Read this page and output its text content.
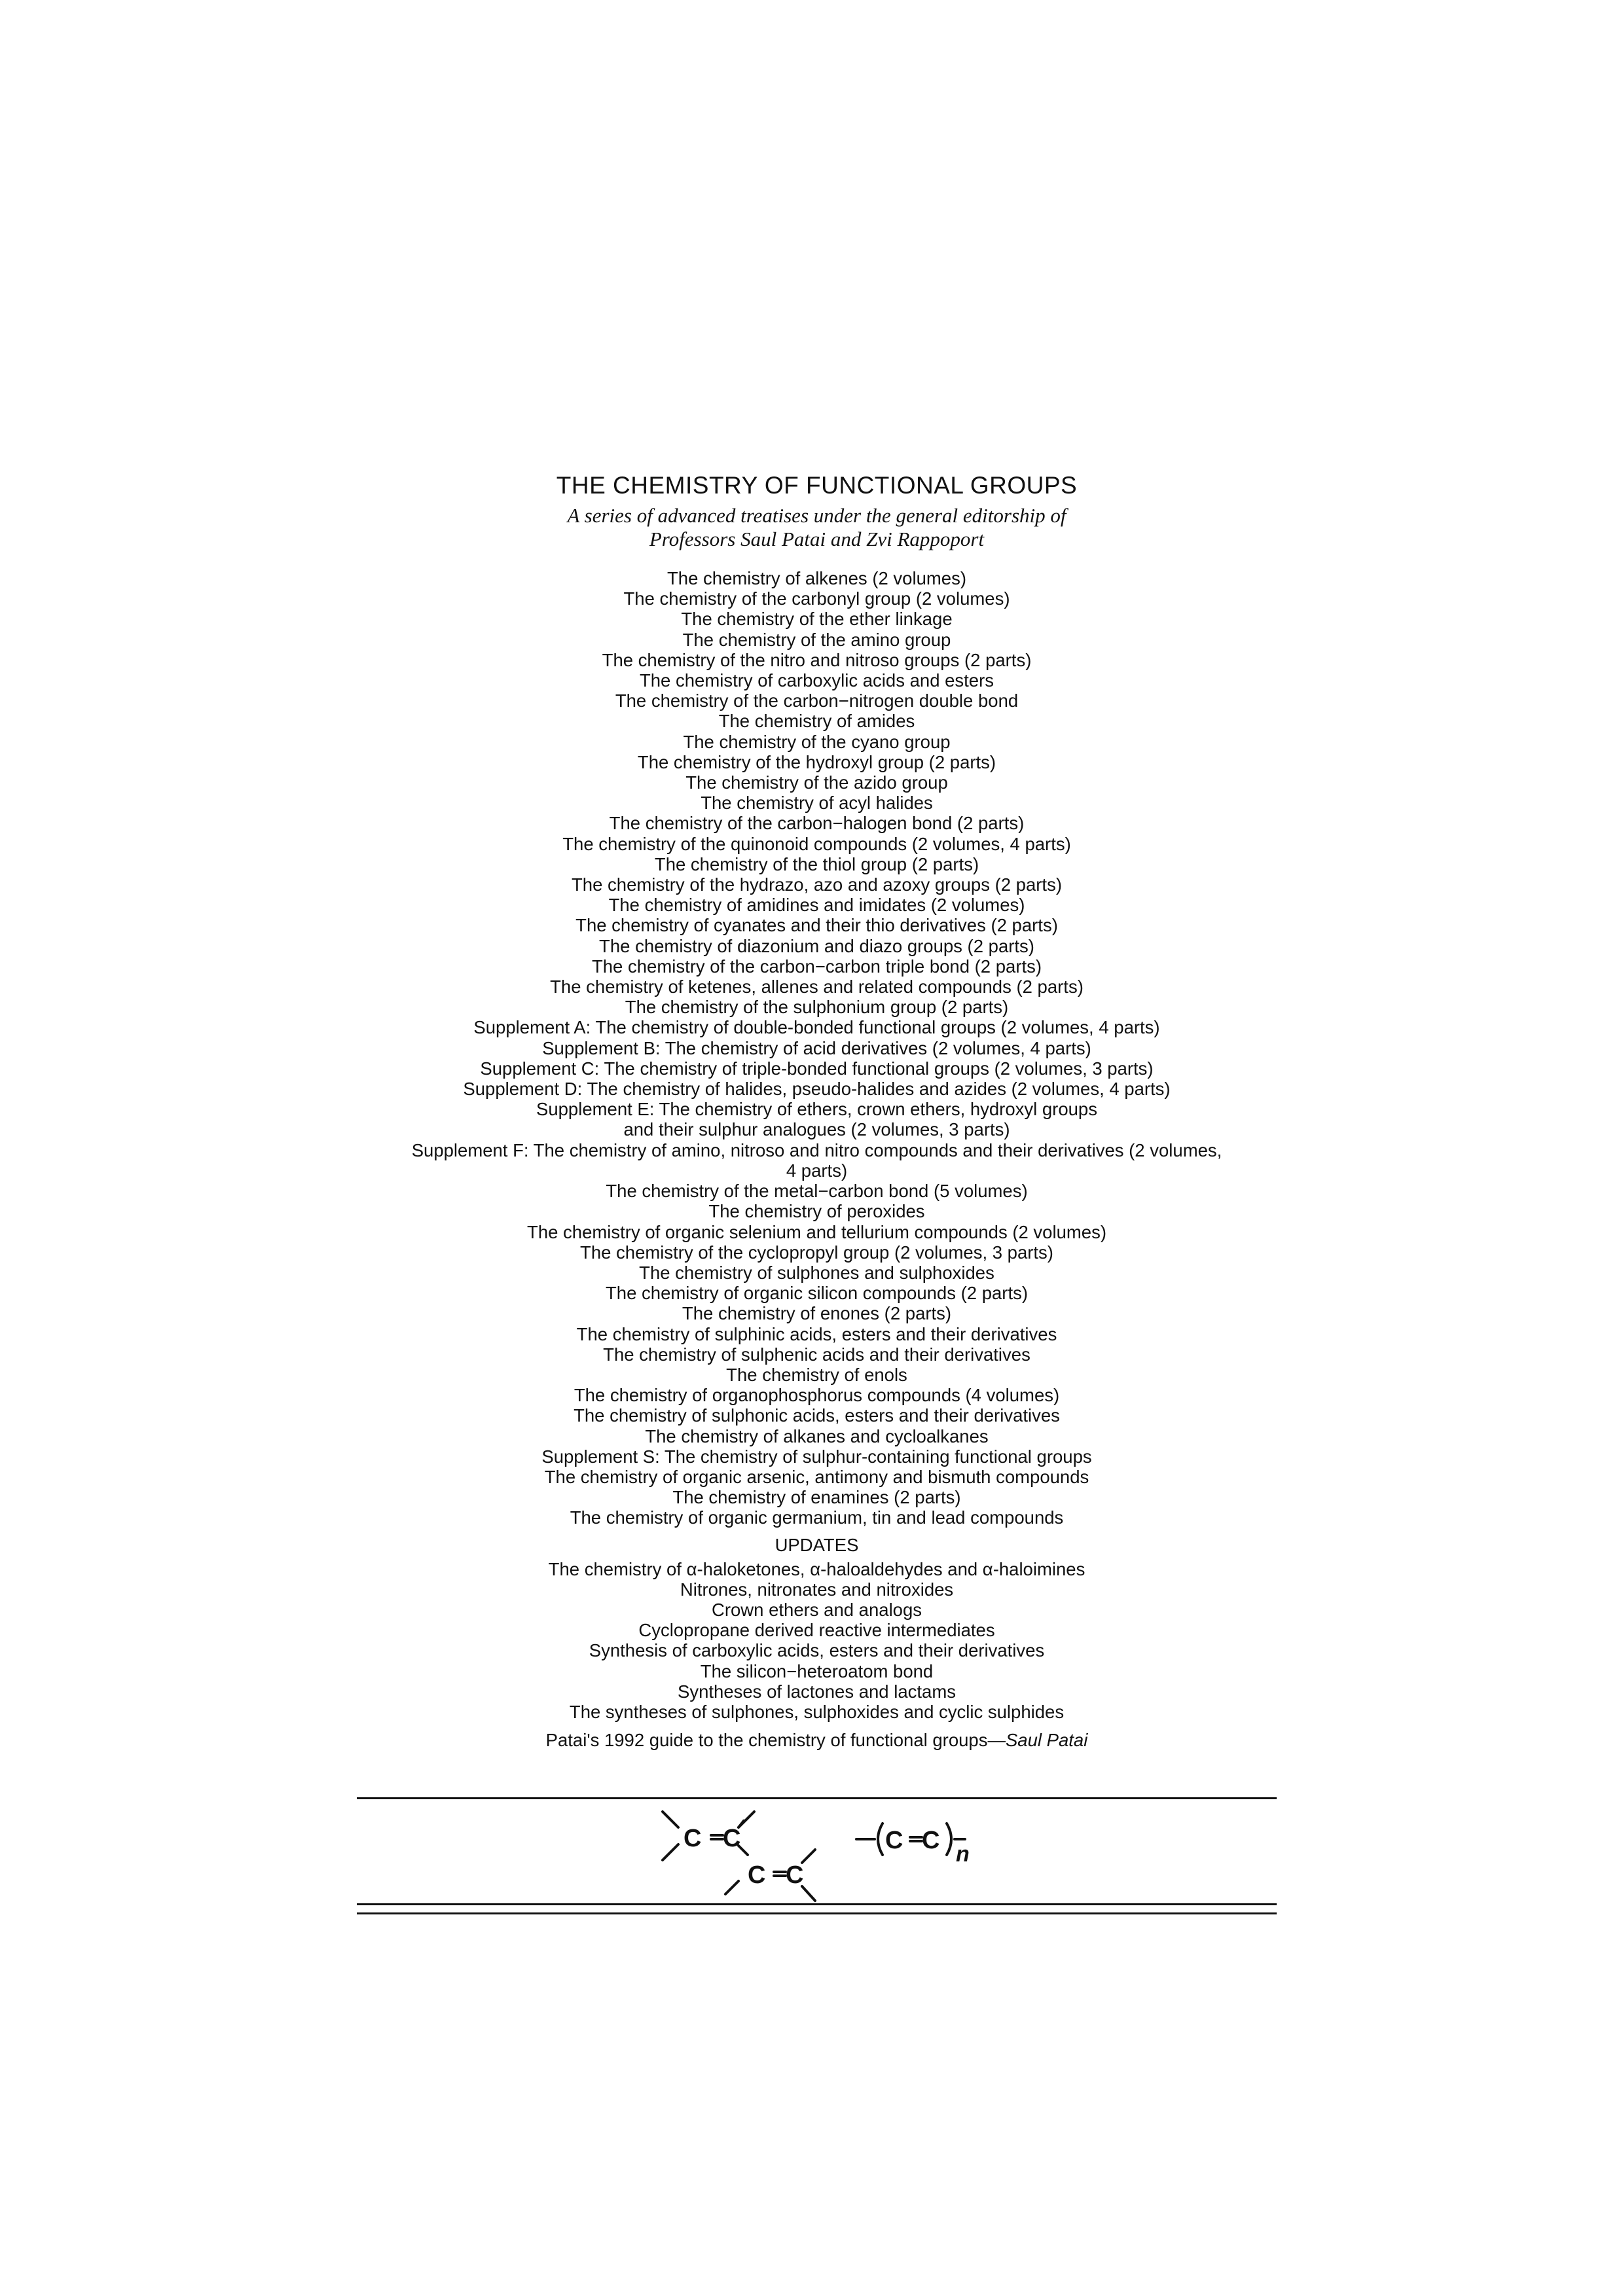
THE CHEMISTRY OF FUNCTIONAL GROUPS

A series of advanced treatises under the general editorship of

Professors Saul Patai and Zvi Rappoport

The chemistry of alkenes (2 volumes)
The chemistry of the carbonyl group (2 volumes)
The chemistry of the ether linkage
The chemistry of the amino group
The chemistry of the nitro and nitroso groups (2 parts)
The chemistry of carboxylic acids and esters
The chemistry of the carbon−nitrogen double bond
The chemistry of amides
The chemistry of the cyano group
The chemistry of the hydroxyl group (2 parts)
The chemistry of the azido group
The chemistry of acyl halides
The chemistry of the carbon−halogen bond (2 parts)
The chemistry of the quinonoid compounds (2 volumes, 4 parts)
The chemistry of the thiol group (2 parts)
The chemistry of the hydrazo, azo and azoxy groups (2 parts)
The chemistry of amidines and imidates (2 volumes)
The chemistry of cyanates and their thio derivatives (2 parts)
The chemistry of diazonium and diazo groups (2 parts)
The chemistry of the carbon−carbon triple bond (2 parts)
The chemistry of ketenes, allenes and related compounds (2 parts)
The chemistry of the sulphonium group (2 parts)
Supplement A: The chemistry of double-bonded functional groups (2 volumes, 4 parts)
Supplement B: The chemistry of acid derivatives (2 volumes, 4 parts)
Supplement C: The chemistry of triple-bonded functional groups (2 volumes, 3 parts)
Supplement D: The chemistry of halides, pseudo-halides and azides (2 volumes, 4 parts)
Supplement E: The chemistry of ethers, crown ethers, hydroxyl groups
and their sulphur analogues (2 volumes, 3 parts)
Supplement F: The chemistry of amino, nitroso and nitro compounds and their derivatives (2 volumes,
4 parts)
The chemistry of the metal−carbon bond (5 volumes)
The chemistry of peroxides
The chemistry of organic selenium and tellurium compounds (2 volumes)
The chemistry of the cyclopropyl group (2 volumes, 3 parts)
The chemistry of sulphones and sulphoxides
The chemistry of organic silicon compounds (2 parts)
The chemistry of enones (2 parts)
The chemistry of sulphinic acids, esters and their derivatives
The chemistry of sulphenic acids and their derivatives
The chemistry of enols
The chemistry of organophosphorus compounds (4 volumes)
The chemistry of sulphonic acids, esters and their derivatives
The chemistry of alkanes and cycloalkanes
Supplement S: The chemistry of sulphur-containing functional groups
The chemistry of organic arsenic, antimony and bismuth compounds
The chemistry of enamines (2 parts)
The chemistry of organic germanium, tin and lead compounds
UPDATES
The chemistry of α-haloketones, α-haloaldehydes and α-haloimines
Nitrones, nitronates and nitroxides
Crown ethers and analogs
Cyclopropane derived reactive intermediates
Synthesis of carboxylic acids, esters and their derivatives
The silicon−heteroatom bond
Syntheses of lactones and lactams
The syntheses of sulphones, sulphoxides and cyclic sulphides
Patai's 1992 guide to the chemistry of functional groups—Saul Patai
C C
C C
C C n
